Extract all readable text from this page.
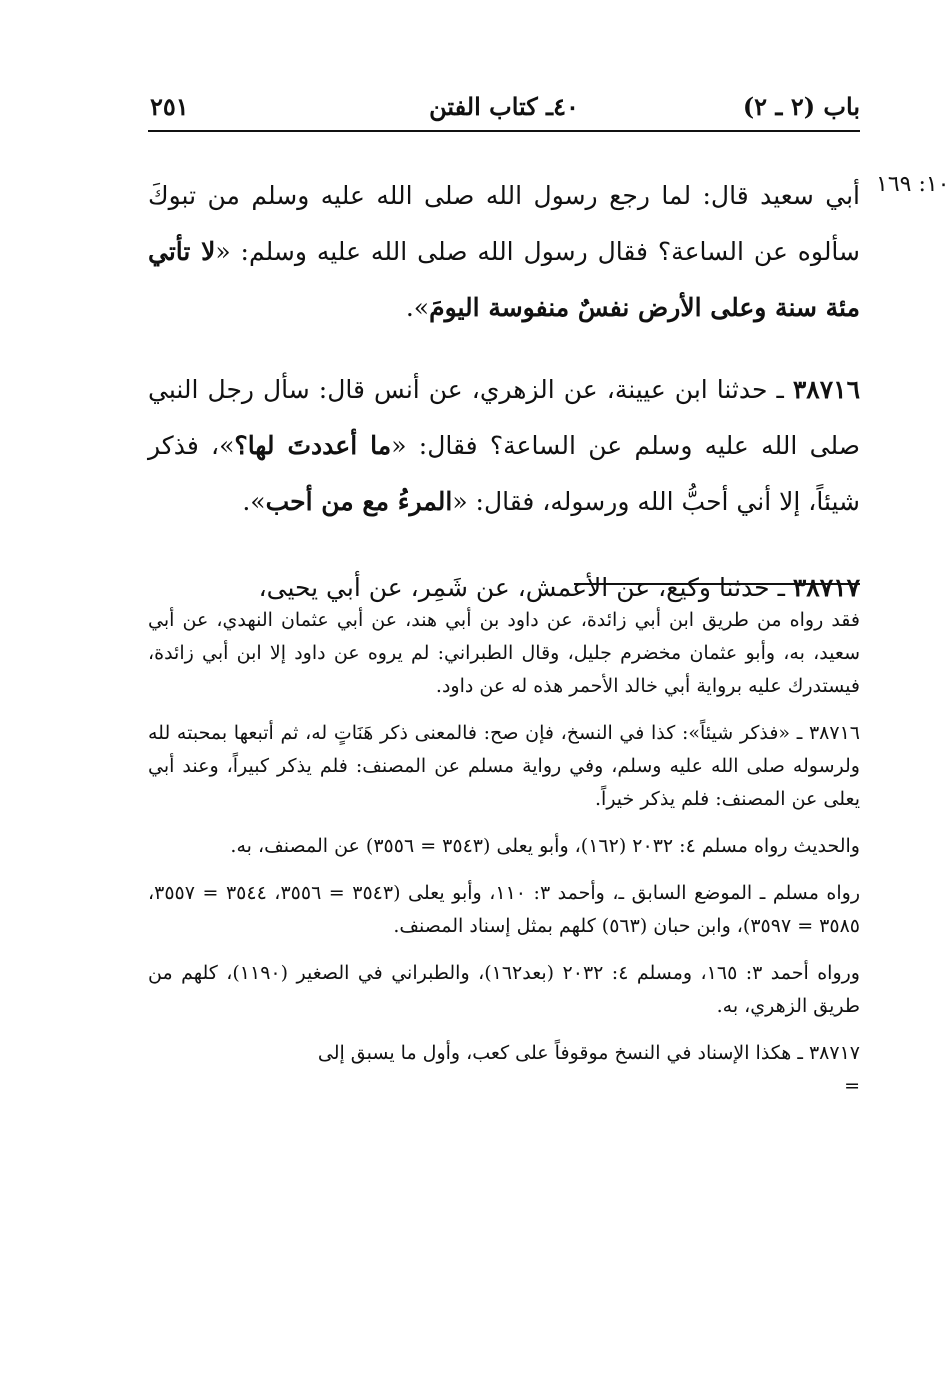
باب (٢ ـ ٢)
٤٠ـ كتاب الفتن
٢٥١
١٠: ١٦٩

أبي سعيد قال: لما رجع رسول الله صلى الله عليه وسلم من تبوكَ سألوه عن الساعة؟ فقال رسول الله صلى الله عليه وسلم: «لا تأتي مئة سنة وعلى الأرض نفسٌ منفوسة اليومَ».

٣٨٧١٦ ـ حدثنا ابن عيينة، عن الزهري، عن أنس قال: سأل رجل النبي صلى الله عليه وسلم عن الساعة؟ فقال: «ما أعددتَ لها؟»، فذكر شيئاً، إلا أني أحبُّ الله ورسوله، فقال: «المرءُ مع من أحب».

٣٨٧١٧ ـ حدثنا وكيع، عن الأعمش، عن شَمِر، عن أبي يحيى،

فقد رواه من طريق ابن أبي زائدة، عن داود بن أبي هند، عن أبي عثمان النهدي، عن أبي سعيد، به، وأبو عثمان مخضرم جليل، وقال الطبراني: لم يروه عن داود إلا ابن أبي زائدة، فيستدرك عليه برواية أبي خالد الأحمر هذه له عن داود.

٣٨٧١٦ ـ «فذكر شيئاً»: كذا في النسخ، فإن صح: فالمعنى ذكر هَنَاتٍ له، ثم أتبعها بمحبته لله ولرسوله صلى الله عليه وسلم، وفي رواية مسلم عن المصنف: فلم يذكر كبيراً، وعند أبي يعلى عن المصنف: فلم يذكر خيراً.

والحديث رواه مسلم ٤: ٢٠٣٢ (١٦٢)، وأبو يعلى (٣٥٤٣ = ٣٥٥٦) عن المصنف، به.

رواه مسلم ـ الموضع السابق ـ، وأحمد ٣: ١١٠، وأبو يعلى (٣٥٤٣ = ٣٥٥٦، ٣٥٤٤ = ٣٥٥٧، ٣٥٨٥ = ٣٥٩٧)، وابن حبان (٥٦٣) كلهم بمثل إسناد المصنف.

ورواه أحمد ٣: ١٦٥، ومسلم ٤: ٢٠٣٢ (بعد١٦٢)، والطبراني في الصغير (١١٩٠)، كلهم من طريق الزهري، به.

٣٨٧١٧ ـ هكذا الإسناد في النسخ موقوفاً على كعب، وأول ما يسبق إلى

=
